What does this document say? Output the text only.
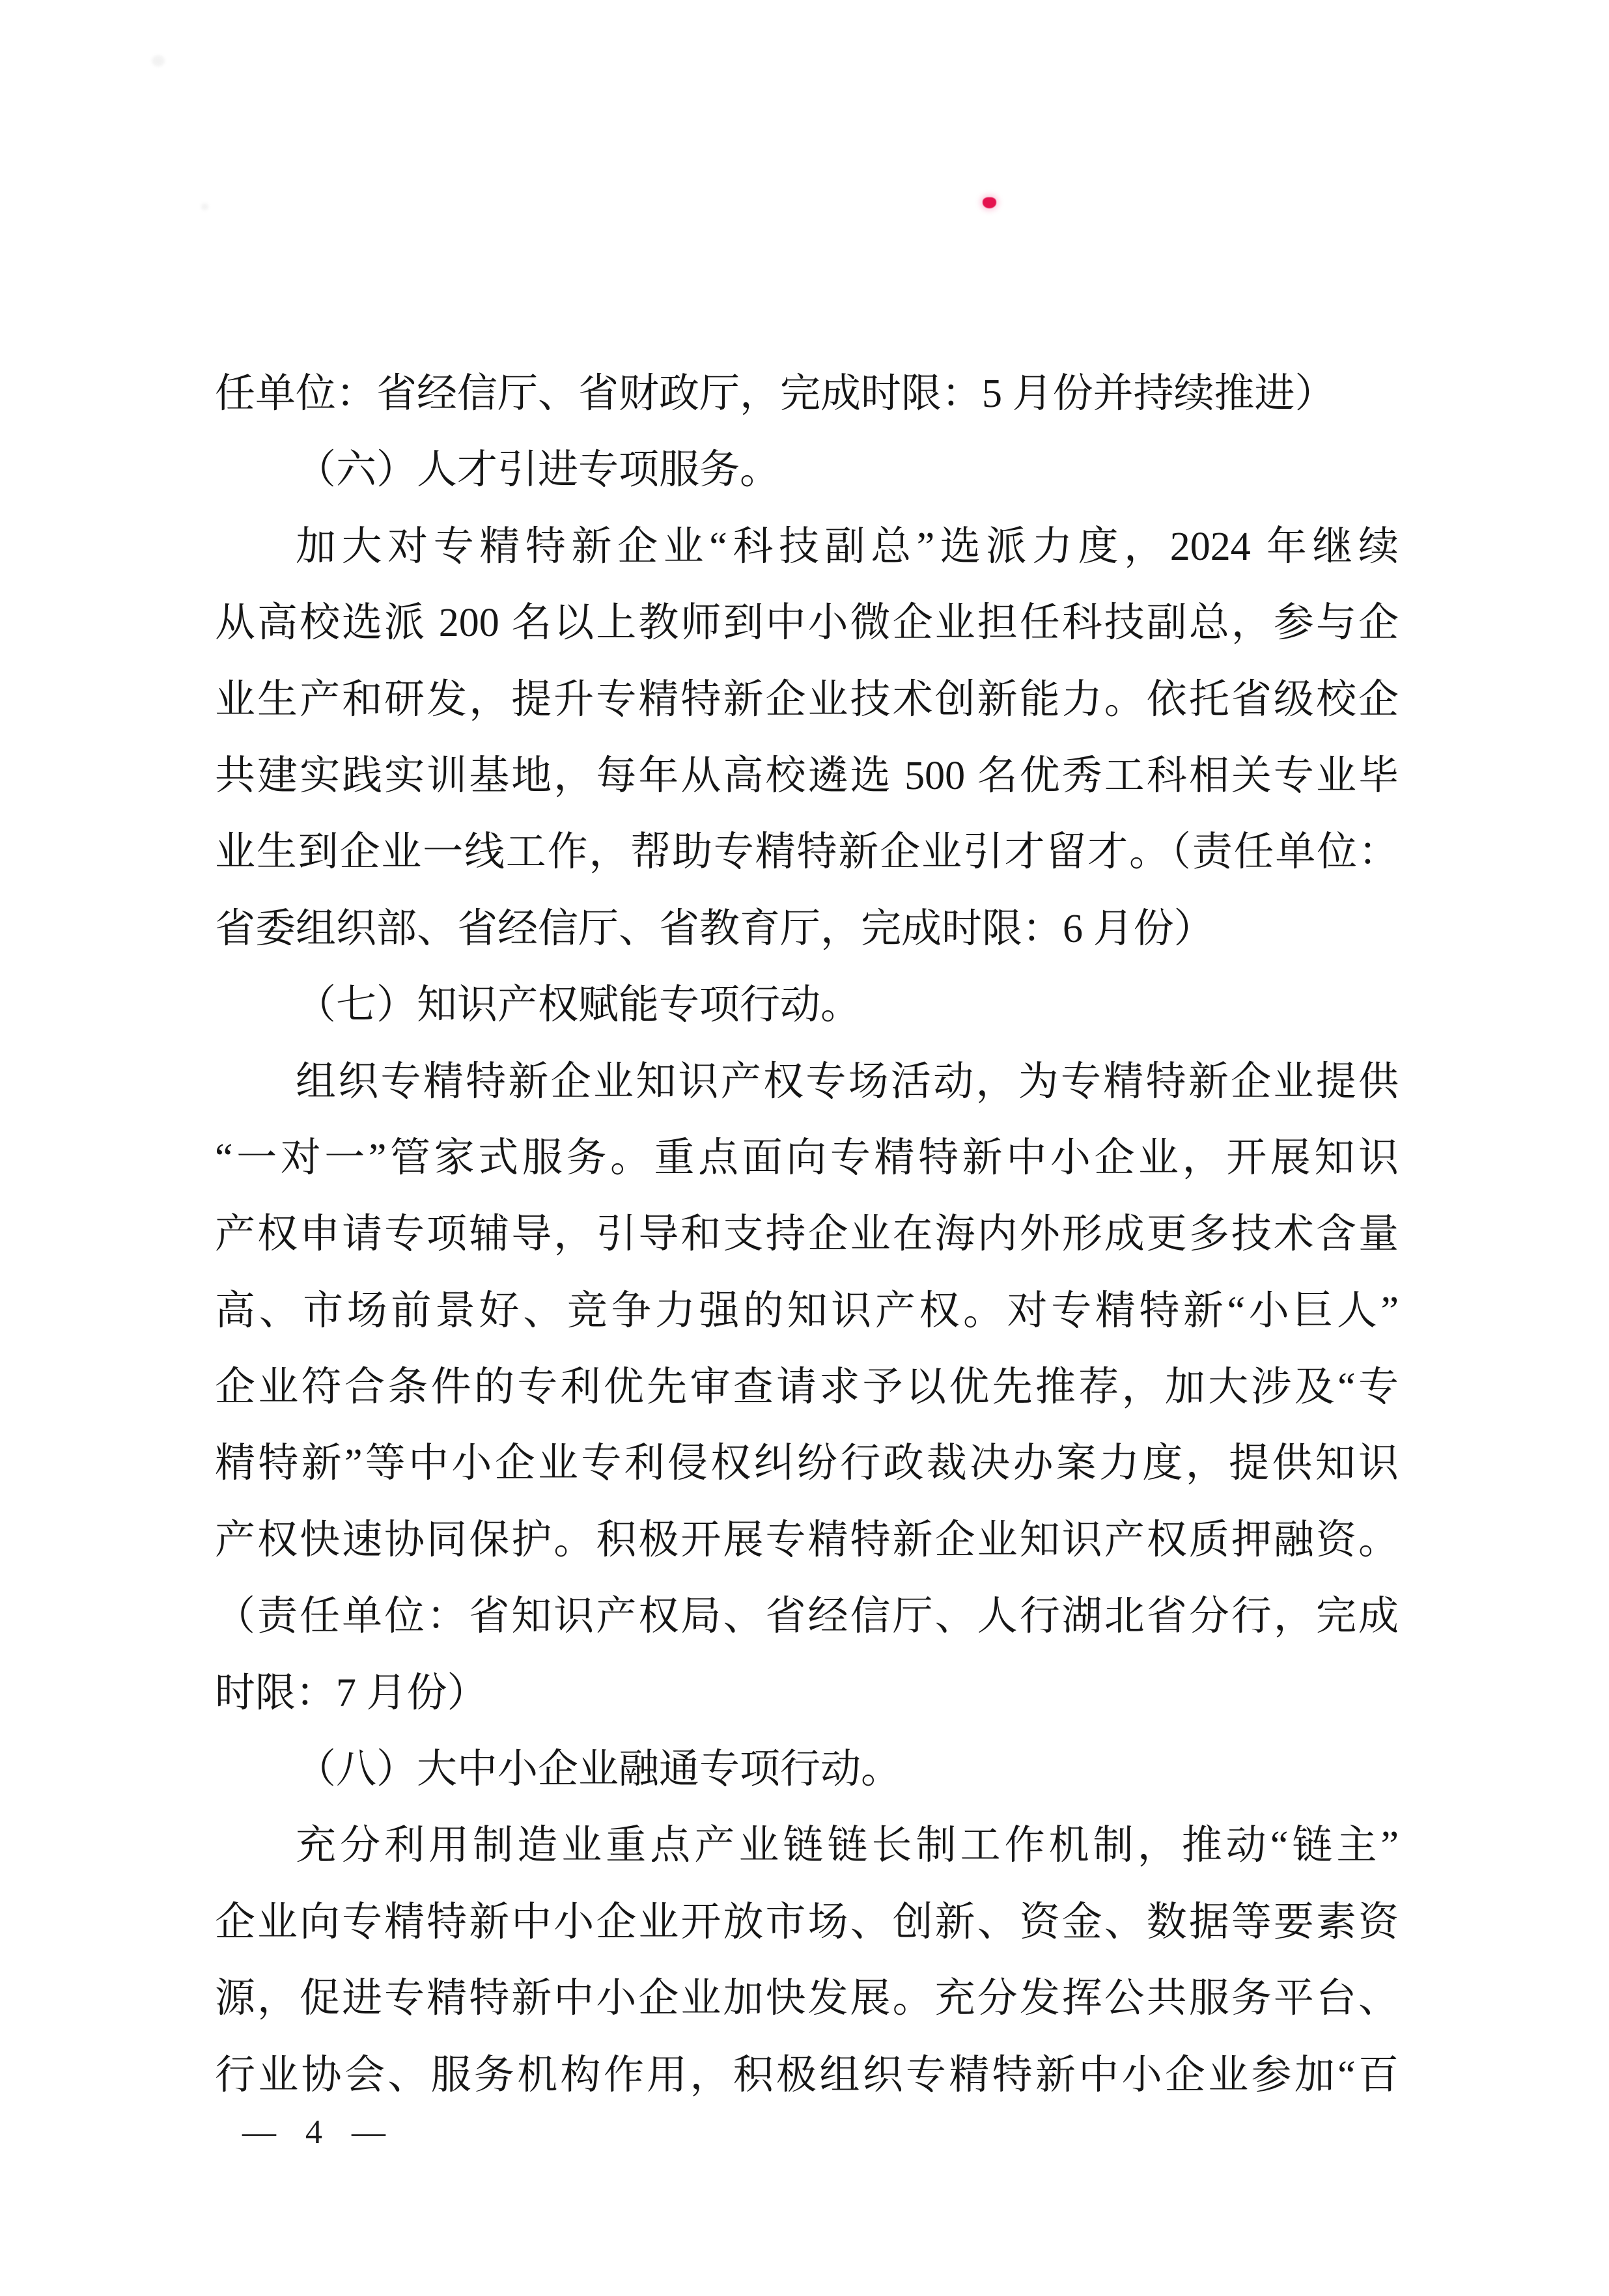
任单位：省经信厅、省财政厅，完成时限：5 月份并持续推进）
（六）人才引进专项服务。
加大对专精特新企业“科技副总”选派力度，2024 年继续
从高校选派 200 名以上教师到中小微企业担任科技副总，参与企
业生产和研发，提升专精特新企业技术创新能力。依托省级校企
共建实践实训基地，每年从高校遴选 500 名优秀工科相关专业毕
业生到企业一线工作，帮助专精特新企业引才留才。（责任单位：
省委组织部、省经信厅、省教育厅，完成时限：6 月份）
（七）知识产权赋能专项行动。
组织专精特新企业知识产权专场活动，为专精特新企业提供
“一对一”管家式服务。重点面向专精特新中小企业，开展知识
产权申请专项辅导，引导和支持企业在海内外形成更多技术含量
高、市场前景好、竞争力强的知识产权。对专精特新“小巨人”
企业符合条件的专利优先审查请求予以优先推荐，加大涉及“专
精特新”等中小企业专利侵权纠纷行政裁决办案力度，提供知识
产权快速协同保护。积极开展专精特新企业知识产权质押融资。
（责任单位：省知识产权局、省经信厅、人行湖北省分行，完成
时限：7 月份）
（八）大中小企业融通专项行动。
充分利用制造业重点产业链链长制工作机制，推动“链主”
企业向专精特新中小企业开放市场、创新、资金、数据等要素资
源，促进专精特新中小企业加快发展。充分发挥公共服务平台、
行业协会、服务机构作用，积极组织专精特新中小企业参加“百
— 4 —
